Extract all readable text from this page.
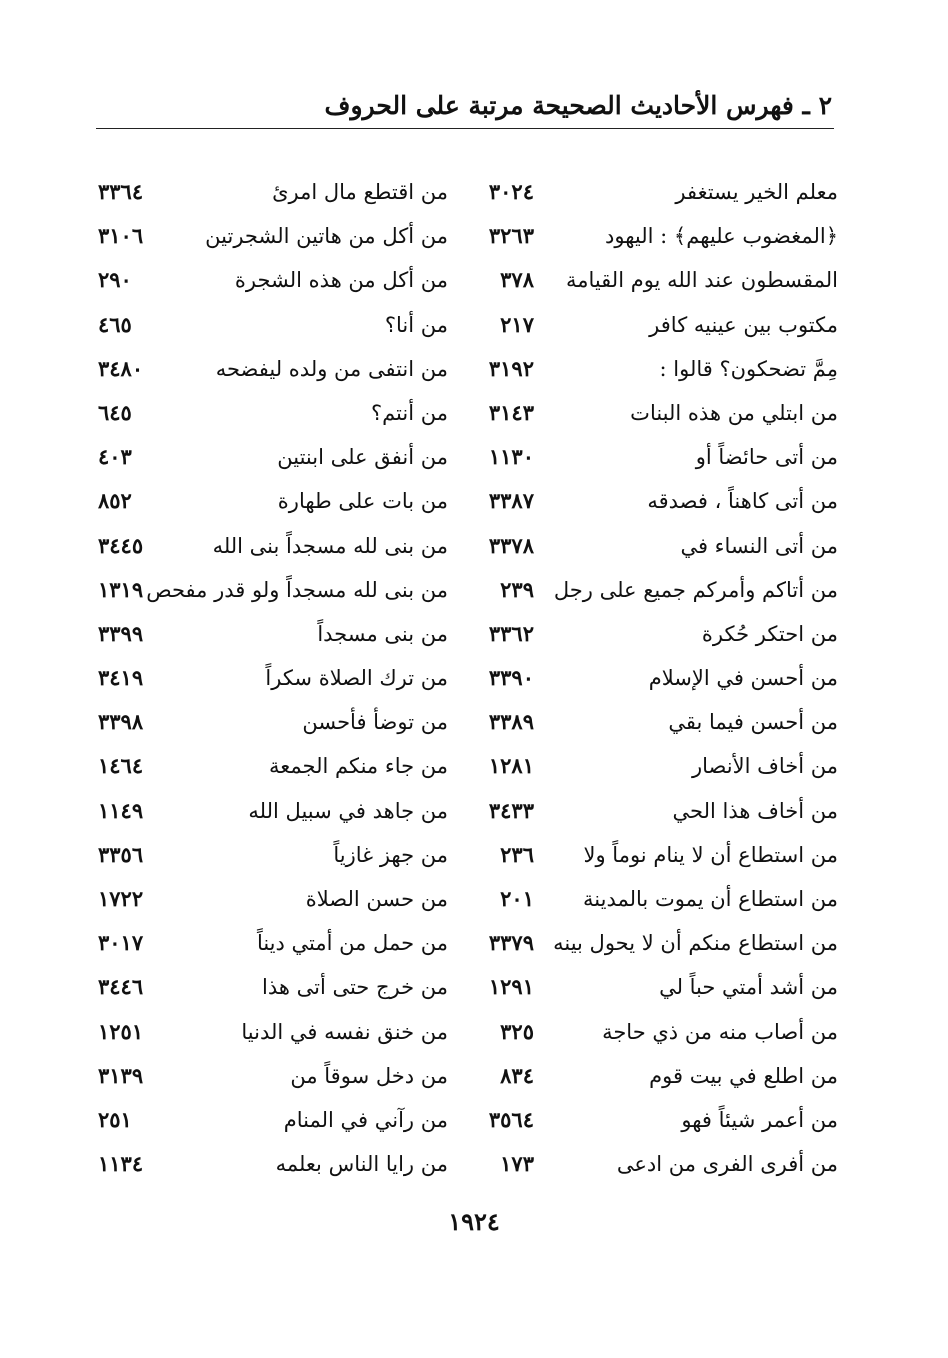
٢ ـ فهرس الأحاديث الصحيحة مرتبة على الحروف
معلم الخير يستغفر
٣٠٢٤
من اقتطع مال امرئ
٣٣٦٤
﴿المغضوب عليهم﴾ : اليهود
٣٢٦٣
من أكل من هاتين الشجرتين
٣١٠٦
المقسطون عند الله يوم القيامة
٣٧٨
من أكل من هذه الشجرة
٢٩٠
مكتوب بين عينيه كافر
٢١٧
من أنا؟
٤٦٥
مِمَّ تضحكون؟ قالوا :
٣١٩٢
من انتفى من ولده ليفضحه
٣٤٨٠
من ابتلي من هذه البنات
٣١٤٣
من أنتم؟
٦٤٥
من أتى حائضاً أو
١١٣٠
من أنفق على ابنتين
٤٠٣
من أتى كاهناً ، فصدقه
٣٣٨٧
من بات على طهارة
٨٥٢
من أتى النساء في
٣٣٧٨
من بنى لله مسجداً بنى الله
٣٤٤٥
من أتاكم وأمركم جميع على رجل
٢٣٩
من بنى لله مسجداً ولو قدر مفحص
١٣١٩
من احتكر حُكرة
٣٣٦٢
من بنى مسجداً
٣٣٩٩
من أحسن في الإسلام
٣٣٩٠
من ترك الصلاة سكراً
٣٤١٩
من أحسن فيما بقي
٣٣٨٩
من توضأ فأحسن
٣٣٩٨
من أخاف الأنصار
١٢٨١
من جاء منكم الجمعة
١٤٦٤
من أخاف هذا الحي
٣٤٣٣
من جاهد في سبيل الله
١١٤٩
من استطاع أن لا ينام نوماً ولا
٢٣٦
من جهز غازياً
٣٣٥٦
من استطاع أن يموت بالمدينة
٢٠١
من حسن الصلاة
١٧٢٢
من استطاع منكم أن لا يحول بينه
٣٣٧٩
من حمل من أمتي ديناً
٣٠١٧
من أشد أمتي حباً لي
١٢٩١
من خرج حتى أتى هذا
٣٤٤٦
من أصاب منه من ذي حاجة
٣٢٥
من خنق نفسه في الدنيا
١٢٥١
من اطلع في بيت قوم
٨٣٤
من دخل سوقاً من
٣١٣٩
من أعمر شيئاً فهو
٣٥٦٤
من رآني في المنام
٢٥١
من أفرى الفرى من ادعى
١٧٣
من رايا الناس بعلمه
١١٣٤
١٩٢٤
